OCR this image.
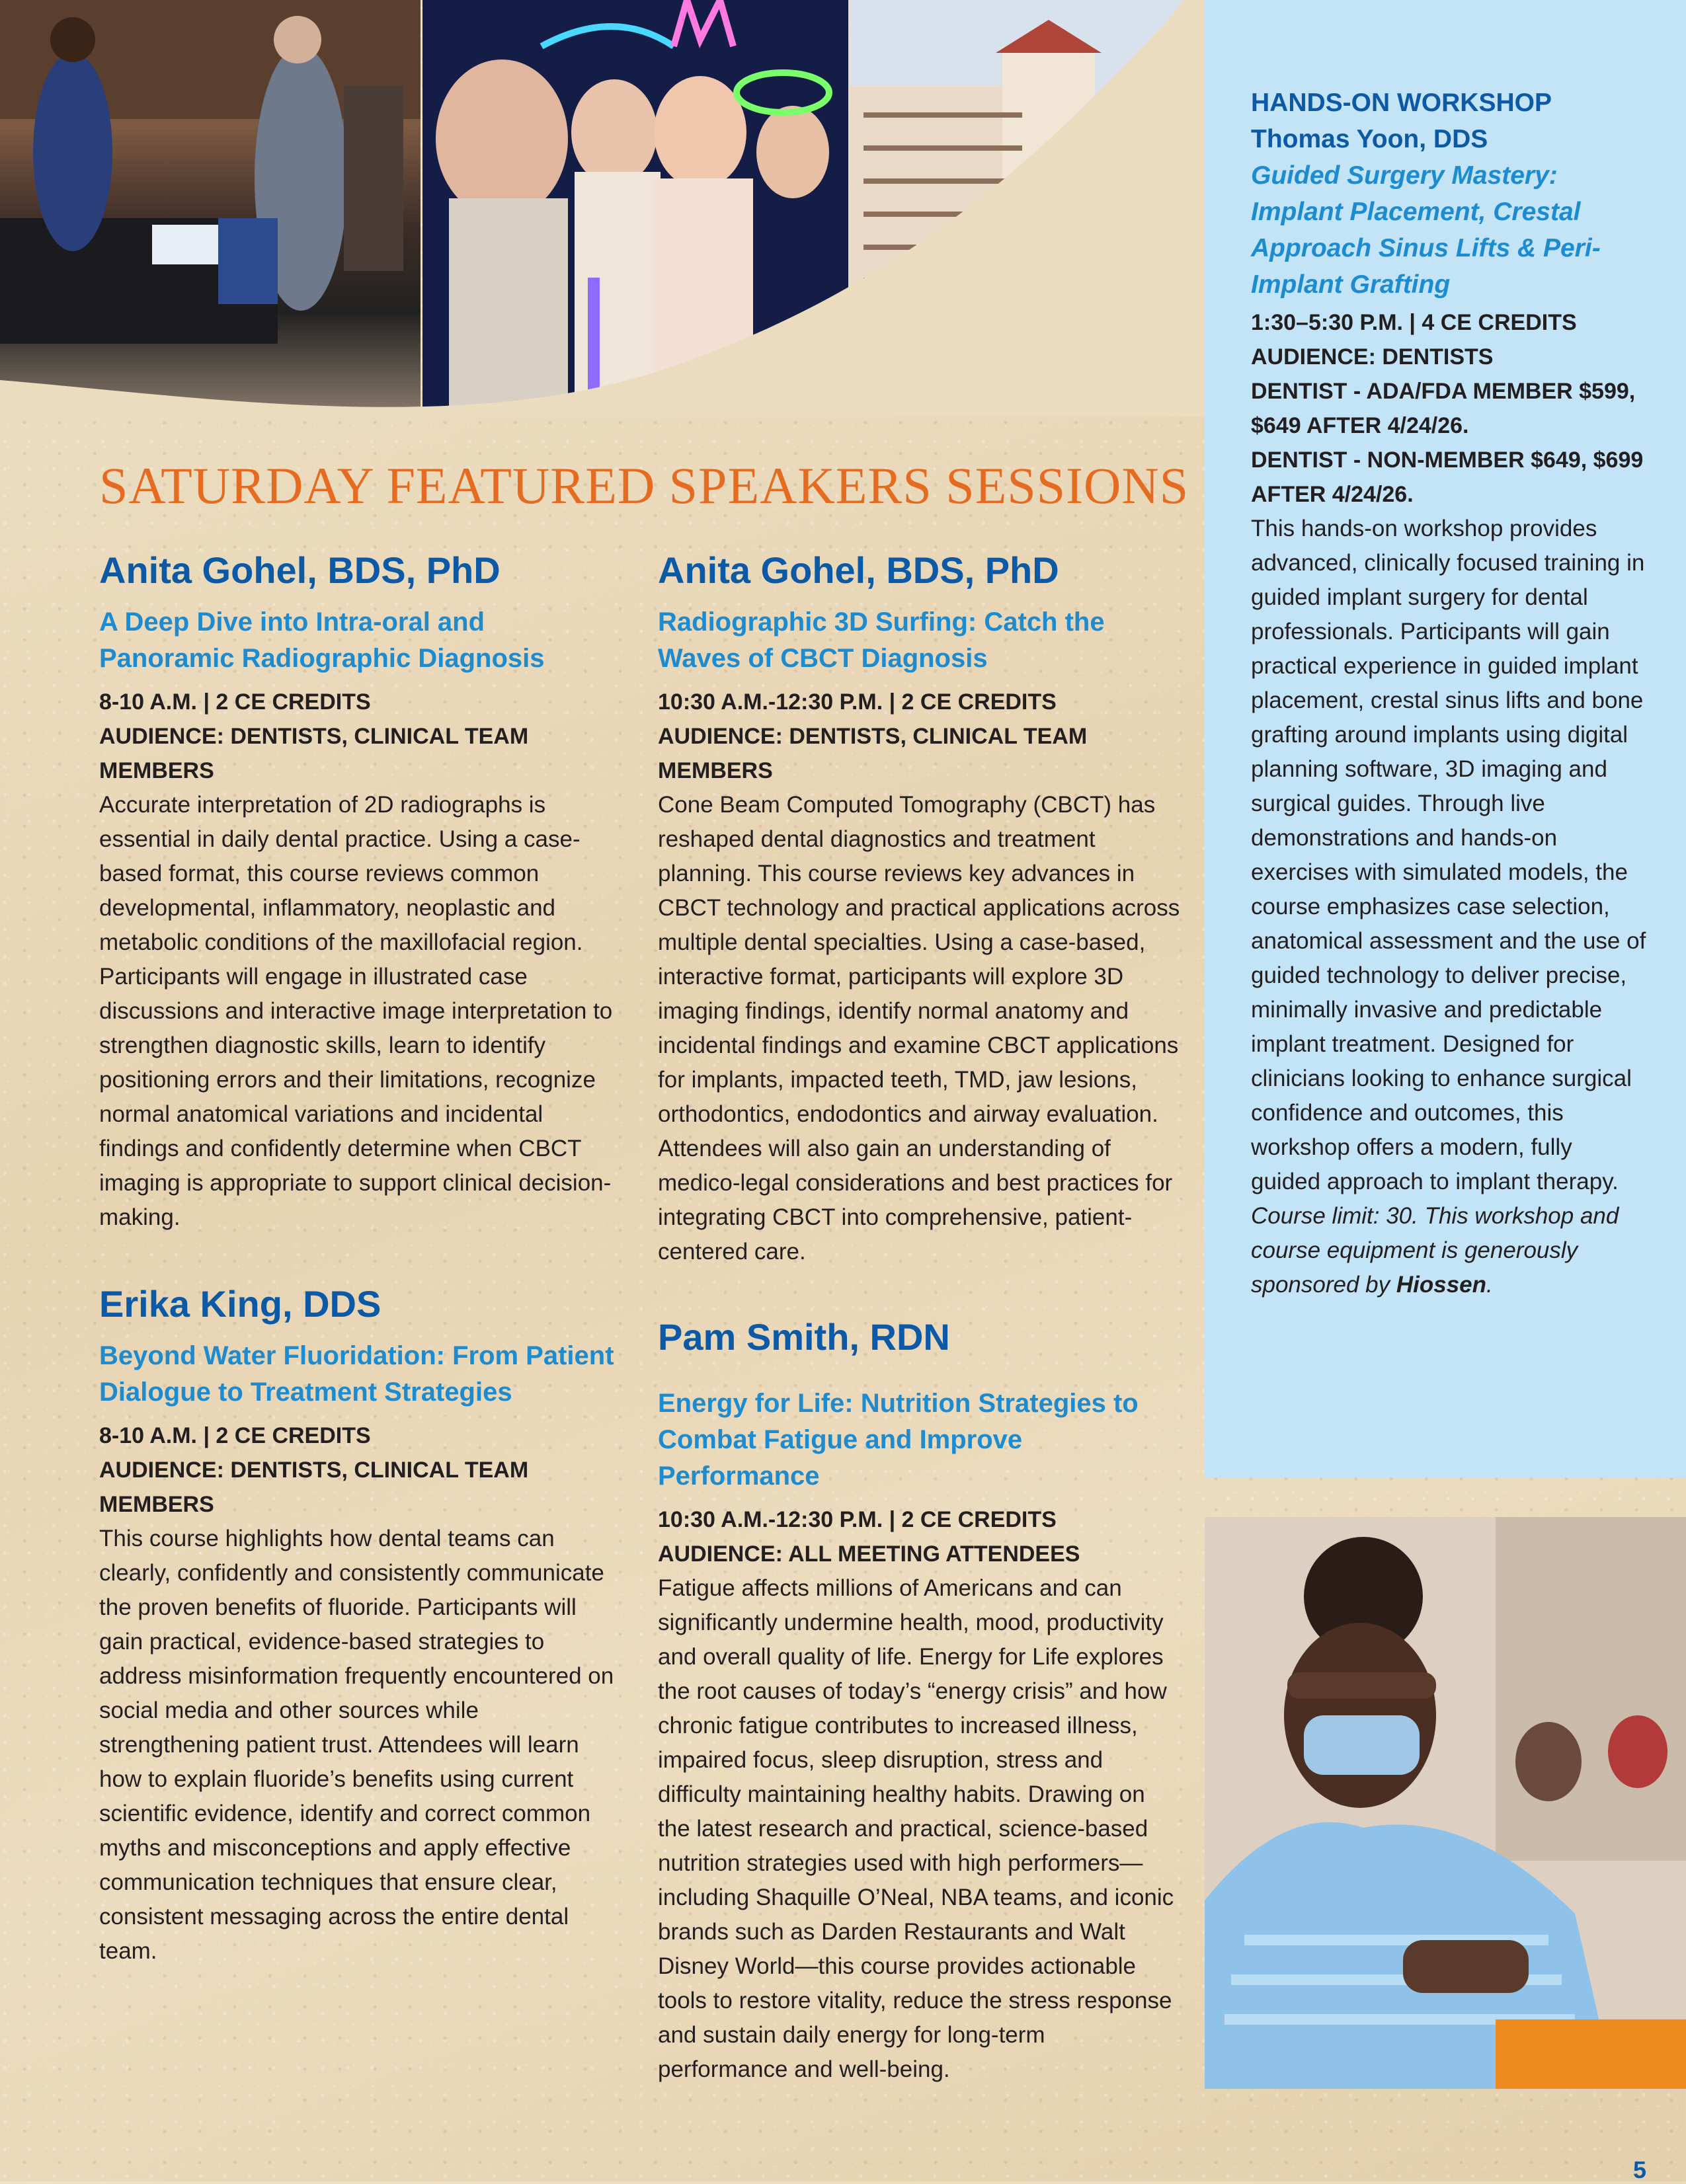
SATURDAY FEATURED SPEAKERS SESSIONS
Anita Gohel, BDS, PhD

A Deep Dive into Intra-oral and Panoramic Radiographic Diagnosis

8-10 A.M. | 2 CE CREDITS

AUDIENCE: DENTISTS, CLINICAL TEAM MEMBERS

Accurate interpretation of 2D radiographs is essential in daily dental practice. Using a case-based format, this course reviews common developmental, inflammatory, neoplastic and metabolic conditions of the maxillofacial region. Participants will engage in illustrated case discussions and interactive image interpretation to strengthen diagnostic skills, learn to identify positioning errors and their limitations, recognize normal anatomical variations and incidental findings and confidently determine when CBCT imaging is appropriate to support clinical decision-making.

Erika King, DDS

Beyond Water Fluoridation: From Patient Dialogue to Treatment Strategies

8-10 A.M. | 2 CE CREDITS

AUDIENCE: DENTISTS, CLINICAL TEAM MEMBERS

This course highlights how dental teams can clearly, confidently and consistently communicate the proven benefits of fluoride. Participants will gain practical, evidence-based strategies to address misinformation frequently encountered on social media and other sources while strengthening patient trust. Attendees will learn how to explain fluoride’s benefits using current scientific evidence, identify and correct common myths and misconceptions and apply effective communication techniques that ensure clear, consistent messaging across the entire dental team.

Anita Gohel, BDS, PhD

Radiographic 3D Surfing: Catch the Waves of CBCT Diagnosis

10:30 A.M.-12:30 P.M. | 2 CE CREDITS

AUDIENCE: DENTISTS, CLINICAL TEAM MEMBERS

Cone Beam Computed Tomography (CBCT) has reshaped dental diagnostics and treatment planning. This course reviews key advances in CBCT technology and practical applications across multiple dental specialties. Using a case-based, interactive format, participants will explore 3D imaging findings, identify normal anatomy and incidental findings and examine CBCT applications for implants, impacted teeth, TMD, jaw lesions, orthodontics, endodontics and airway evaluation. Attendees will also gain an understanding of medico-legal considerations and best practices for integrating CBCT into comprehensive, patient-centered care.

Pam Smith, RDN

Energy for Life: Nutrition Strategies to Combat Fatigue and Improve Performance

10:30 A.M.-12:30 P.M. | 2 CE CREDITS

AUDIENCE: ALL MEETING ATTENDEES

Fatigue affects millions of Americans and can significantly undermine health, mood, productivity and overall quality of life. Energy for Life explores the root causes of today’s “energy crisis” and how chronic fatigue contributes to increased illness, impaired focus, sleep disruption, stress and difficulty maintaining healthy habits. Drawing on the latest research and practical, science-based nutrition strategies used with high performers—including Shaquille O’Neal, NBA teams, and iconic brands such as Darden Restaurants and Walt Disney World—this course provides actionable tools to restore vitality, reduce the stress response and sustain daily energy for long-term performance and well-being.

HANDS-ON WORKSHOP

Thomas Yoon, DDS

Guided Surgery Mastery: Implant Placement, Crestal Approach Sinus Lifts & Peri-Implant Grafting

1:30–5:30 P.M. | 4 CE CREDITS

AUDIENCE: DENTISTS

DENTIST - ADA/FDA MEMBER $599, $649 AFTER 4/24/26.

DENTIST - NON-MEMBER $649, $699 AFTER 4/24/26.

This hands-on workshop provides advanced, clinically focused training in guided implant surgery for dental professionals. Participants will gain practical experience in guided implant placement, crestal sinus lifts and bone grafting around implants using digital planning software, 3D imaging and surgical guides. Through live demonstrations and hands-on exercises with simulated models, the course emphasizes case selection, anatomical assessment and the use of guided technology to deliver precise, minimally invasive and predictable implant treatment. Designed for clinicians looking to enhance surgical confidence and outcomes, this workshop offers a modern, fully guided approach to implant therapy.

Course limit: 30. This workshop and course equipment is generously sponsored by Hiossen.

5
